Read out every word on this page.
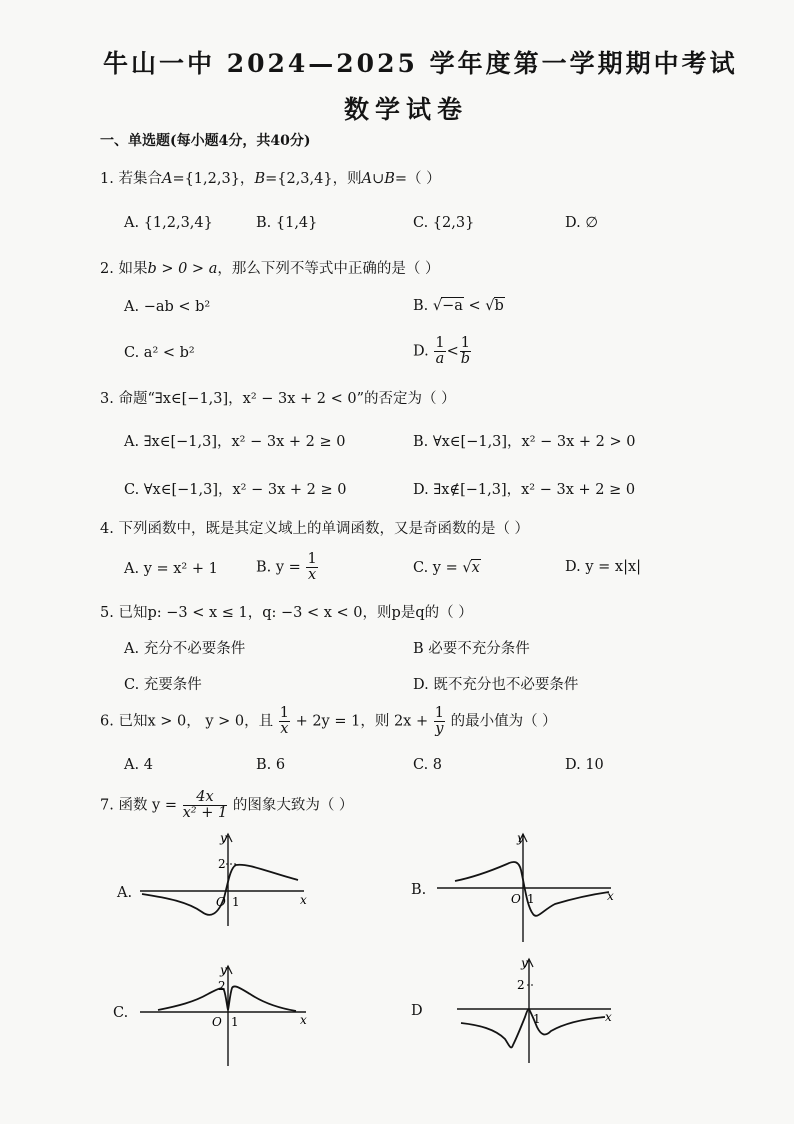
牛山一中 2024—2025 学年度第一学期期中考试
数学试卷
一、单选题(每小题4分，共40分)
1. 若集合A={1,2,3}，B={2,3,4}，则A∪B=（ ）
A. {1,2,3,4}	B. {1,4}	C. {2,3}	D. ∅
2. 如果b > 0 > a，那么下列不等式中正确的是（ ）
A. −ab < b²	B. √−a < √b
C. a² < b²	D. $\frac{1}{a} < \frac{1}{b}$
3. 命题“∃x∈[−1,3]，x² − 3x + 2 < 0”的否定为（ ）
A. ∃x∈[−1,3]，x² − 3x + 2 ≥ 0	B. ∀x∈[−1,3]，x² − 3x + 2 > 0
C. ∀x∈[−1,3]，x² − 3x + 2 ≥ 0	D. ∃x∉[−1,3]，x² − 3x + 2 ≥ 0
4. 下列函数中，既是其定义域上的单调函数，又是奇函数的是（ ）
A. y = x² + 1	B. $y = \frac{1}{x}$	C. y = √x	D. y = x|x|
5. 已知p: −3 < x ≤ 1，q: −3 < x < 0，则p是q的（ ）
A. 充分不必要条件	B 必要不充分条件
C. 充要条件	D. 既不充分也不必要条件
6. 已知x > 0， y > 0，且 $\frac{1}{x} + 2y = 1$，则 $2x + \frac{1}{y}$ 的最小值为（ ）
A. 4	B. 6	C. 8	D. 10
7. 函数 $y = \frac{4x}{\text{x² + 1}}$ 的图象大致为（ ）
A.	B.
C.	D
2
y
O 1	x
y
O 1	x
2
y
O 1	x
2
y
1	x
